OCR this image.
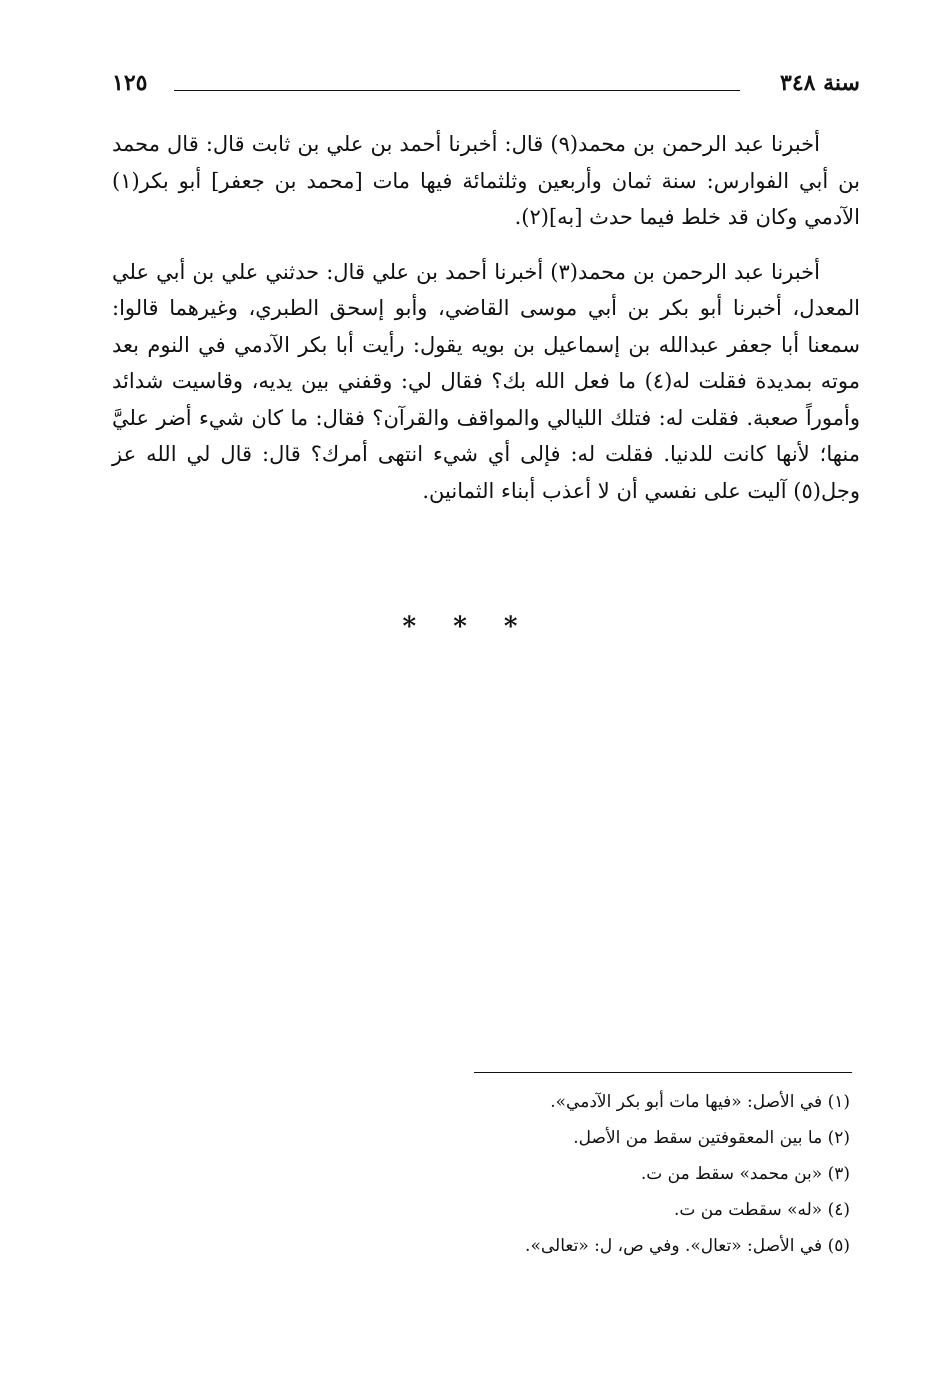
سنة ٣٤٨
١٢٥

أخبرنا عبد الرحمن بن محمد(٩) قال: أخبرنا أحمد بن علي بن ثابت قال: قال محمد بن أبي الفوارس: سنة ثمان وأربعين وثلثمائة فيها مات [محمد بن جعفر] أبو بكر(١) الآدمي وكان قد خلط فيما حدث [به](٢).

أخبرنا عبد الرحمن بن محمد(٣) أخبرنا أحمد بن علي قال: حدثني علي بن أبي علي المعدل، أخبرنا أبو بكر بن أبي موسى القاضي، وأبو إسحق الطبري، وغيرهما قالوا: سمعنا أبا جعفر عبدالله بن إسماعيل بن بويه يقول: رأيت أبا بكر الآدمي في النوم بعد موته بمديدة فقلت له(٤) ما فعل الله بك؟ فقال لي: وقفني بين يديه، وقاسيت شدائد وأموراً صعبة. فقلت له: فتلك الليالي والمواقف والقرآن؟ فقال: ما كان شيء أضر عليَّ منها؛ لأنها كانت للدنيا. فقلت له: فإلى أي شيء انتهى أمرك؟ قال: قال لي الله عز وجل(٥) آليت على نفسي أن لا أعذب أبناء الثمانين.

* * *
(١) في الأصل: «فيها مات أبو بكر الآدمي».
(٢) ما بين المعقوفتين سقط من الأصل.
(٣) «بن محمد» سقط من ت.
(٤) «له» سقطت من ت.
(٥) في الأصل: «تعال». وفي ص، ل: «تعالى».
